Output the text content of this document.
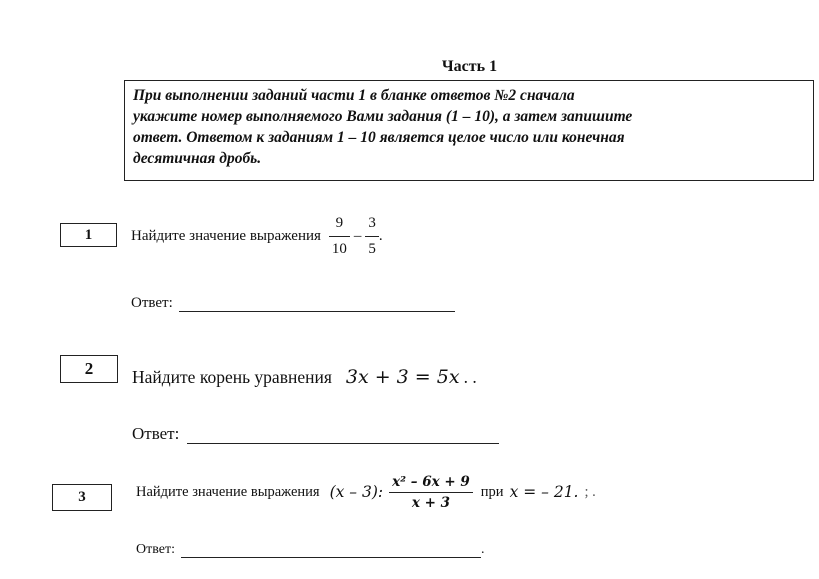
Часть 1
При выполнении заданий части 1 в бланке ответов №2 сначала
укажите номер выполняемого Вами задания (1 – 10), а затем запишите
ответ. Ответом к заданиям 1 – 10 является целое число или конечная
десятичная дробь.
1	Найдите значение выражения $\frac{9}{10} - \frac{3}{5}$ .
Ответ:
2	Найдите корень уравнения 3x + 3 = 5x . .
Ответ:
3	Найдите значение выражения (x – 3): $\frac{\text{x² – 6x + 9}}{x + 3}$ при x = – 21. ; .
Ответ:	.
